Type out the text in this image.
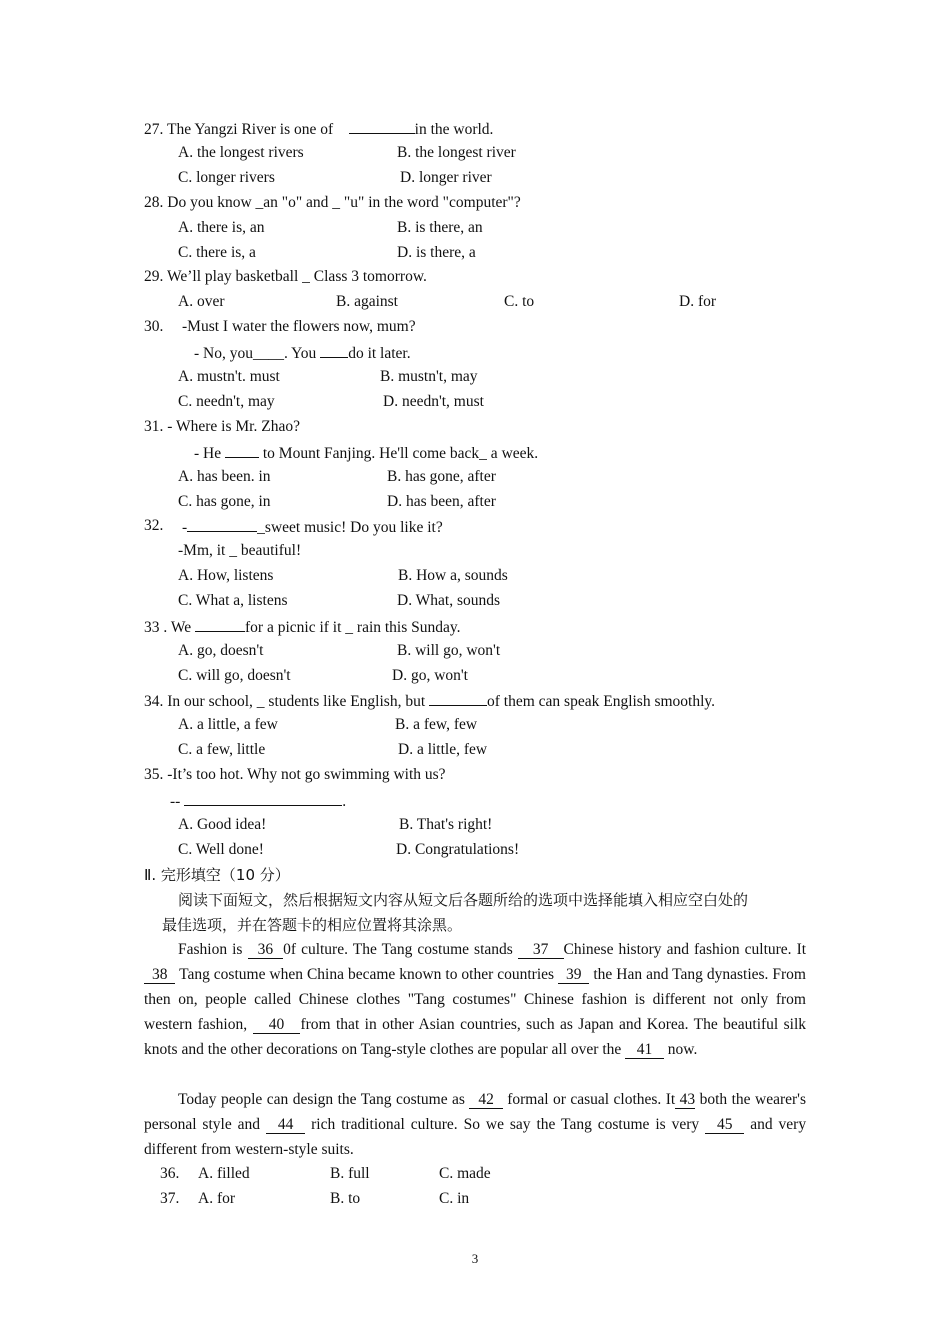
27. The Yangzi River is one of	in the world.
A. the longest rivers	B. the longest river
C. longer rivers	D. longer river
28. Do you know _an "o" and _ "u" in the word "computer"?
A. there is, an	B. is there, an
C. there is, a	D. is there, a
29. We’ll play basketball _ Class 3 tomorrow.
A. over	B. against	C. to	D. for
30. -Must I water the flowers now, mum?
- No, you____. You do it later.
A. mustn't. must	B. mustn't, may
C. needn't, may	D. needn't, must
31. - Where is Mr. Zhao?
- He	to Mount Fanjing. He'll come back_ a week.
A. has been. in	B. has gone, after
C. has gone, in	D. has been, after
32. -	_sweet music! Do you like it?
-Mm, it _ beautiful!
A. How, listens	B. How a, sounds
C. What a, listens	D. What, sounds
33 . We	for a picnic if it _ rain this Sunday.
A. go, doesn't	B. will go, won't
C. will go, doesn't	D. go, won't
34. In our school, _ students like English, but	of them can speak English smoothly.
A. a little, a few	B. a few, few
C. a few, little	D. a little, few
35. -It’s too hot. Why not go swimming with us?
--	.
A. Good idea!	B. That's right!
C. Well done!	D. Congratulations!
Ⅱ. 完形填空（10 分）
阅读下面短文，然后根据短文内容从短文后各题所给的选项中选择能填入相应空白处的
最佳选项，并在答题卡的相应位置将其涂黑。
Fashion is 36 0f culture. The Tang costume stands 37 Chinese history and fashion culture. It   38 Tang costume when China became known to other countries 39 the Han and Tang dynasties. From then on, people called Chinese clothes "Tang costumes" Chinese fashion is different not only from western fashion, 40 from that in other Asian countries, such as Japan and Korea. The beautiful silk knots and the other decorations on Tang-style clothes are popular all over the 41 now.
Today people can design the Tang costume as 42 formal or casual clothes. It 43 both the wearer's personal style and 44 rich traditional culture. So we say the Tang costume is very 45 and very different from western-style suits.
36. A. filled	B. full	C. made
37. A. for	B. to	C. in
3
